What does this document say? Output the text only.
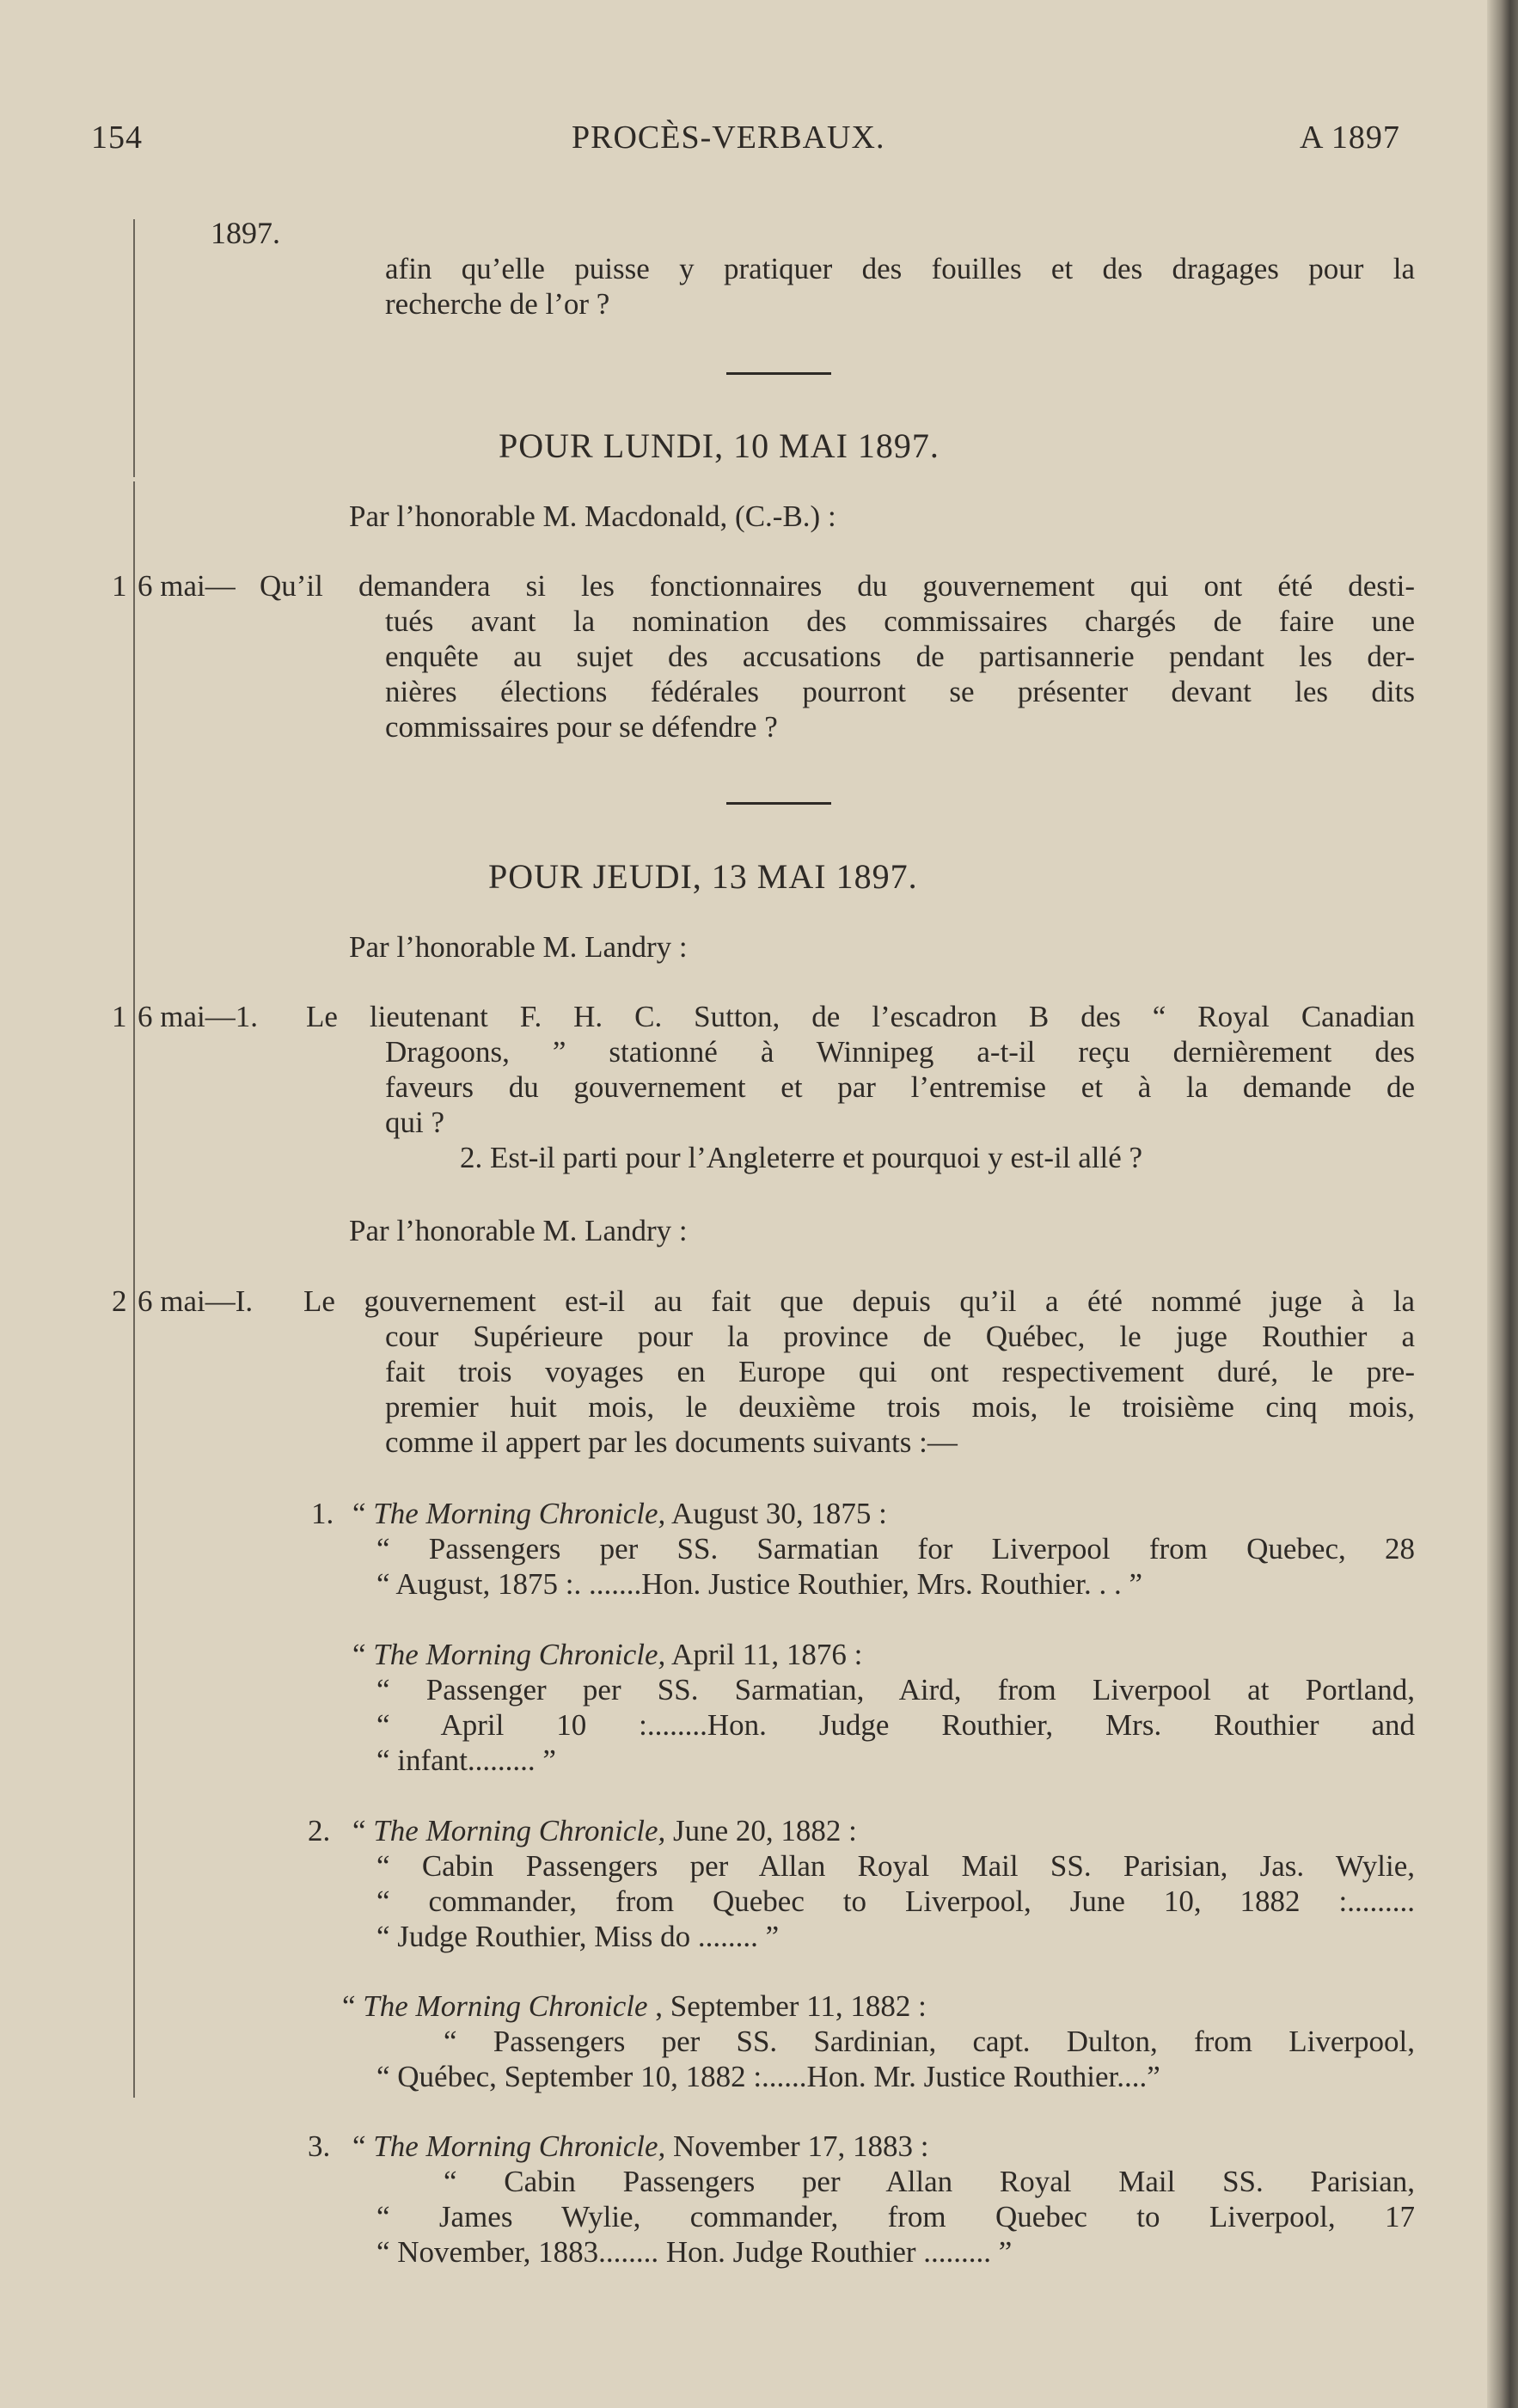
154	PROCÈS-VERBAUX.	A 1897
1897.
afin qu’elle puisse y pratiquer des fouilles et des dragages pour la
recherche de l’or ?
POUR LUNDI, 10 MAI 1897.
Par l’honorable M. Macdonald, (C.-B.) :
1 6 mai— Qu’il demandera si les fonctionnaires du gouvernement qui ont été desti-
tués avant la nomination des commissaires chargés de faire une
enquête au sujet des accusations de partisannerie pendant les der-
nières élections fédérales pourront se présenter devant les dits
commissaires pour se défendre ?
POUR JEUDI, 13 MAI 1897.
Par l’honorable M. Landry :
1 6 mai—1. Le lieutenant F. H. C. Sutton, de l’escadron B des “ Royal Canadian
Dragoons, ” stationné à Winnipeg a-t-il reçu dernièrement des
faveurs du gouvernement et par l’entremise et à la demande de
qui ?
2. Est-il parti pour l’Angleterre et pourquoi y est-il allé ?
Par l’honorable M. Landry :
2 6 mai—I. Le gouvernement est-il au fait que depuis qu’il a été nommé juge à la
cour Supérieure pour la province de Québec, le juge Routhier a
fait trois voyages en Europe qui ont respectivement duré, le pre-
premier huit mois, le deuxième trois mois, le troisième cinq mois,
comme il appert par les documents suivants :—
1. “ The Morning Chronicle, August 30, 1875 :
“ Passengers per SS. Sarmatian for Liverpool from Quebec, 28
“ August, 1875 :. .......Hon. Justice Routhier, Mrs. Routhier. . . ”
“ The Morning Chronicle, April 11, 1876 :
“ Passenger per SS. Sarmatian, Aird, from Liverpool at Portland,
“ April 10 :........Hon. Judge Routhier, Mrs. Routhier and
“ infant......... ”
2. “ The Morning Chronicle, June 20, 1882 :
“ Cabin Passengers per Allan Royal Mail SS. Parisian, Jas. Wylie,
“ commander, from Quebec to Liverpool, June 10, 1882 :.........
“ Judge Routhier, Miss do ........ ”
“ The Morning Chronicle , September 11, 1882 :
“ Passengers per SS. Sardinian, capt. Dulton, from Liverpool,
“ Québec, September 10, 1882 :......Hon. Mr. Justice Routhier....”
3. “ The Morning Chronicle, November 17, 1883 :
“ Cabin Passengers per Allan Royal Mail SS. Parisian,
“ James Wylie, commander, from Quebec to Liverpool, 17
“ November, 1883........ Hon. Judge Routhier ......... ”
